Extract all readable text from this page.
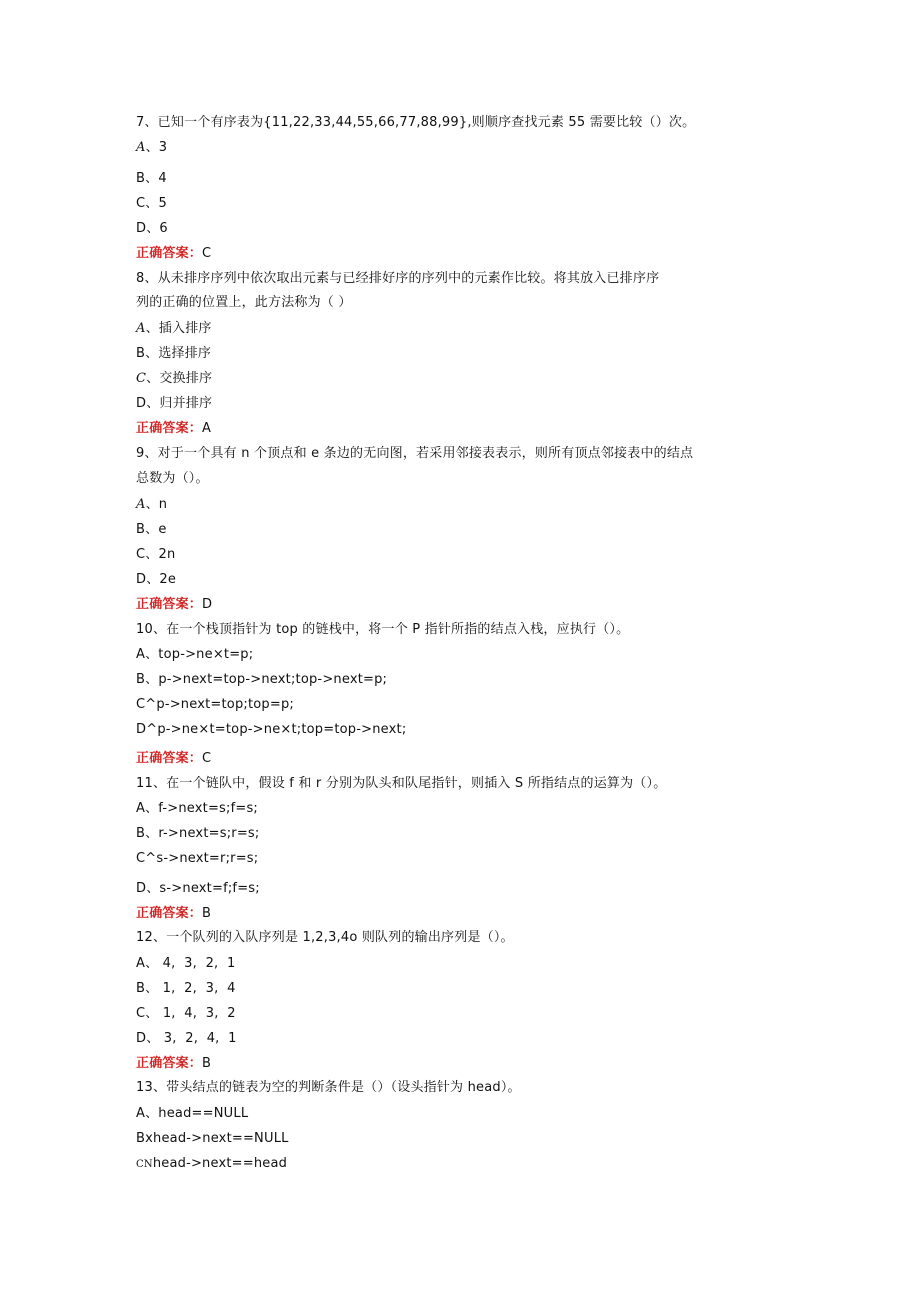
7、已知一个有序表为{11,22,33,44,55,66,77,88,99},则顺序查找元素 55 需要比较（）次。
A、3
B、4
C、5
D、6
正确答案：C
8、从未排序序列中依次取出元素与已经排好序的序列中的元素作比较。将其放入已排序序
列的正确的位置上，此方法称为（ ）
A、插入排序
B、选择排序
C、交换排序
D、归并排序
正确答案：A
9、对于一个具有 n 个顶点和 e 条边的无向图，若采用邻接表表示，则所有顶点邻接表中的结点
总数为（）。
A、n
B、e
C、2n
D、2e
正确答案：D
10、在一个栈顶指针为 top 的链栈中，将一个 P 指针所指的结点入栈，应执行（）。
A、top->ne×t=p;
B、p->next=top->next;top->next=p;
C^p->next=top;top=p;
D^p->ne×t=top->ne×t;top=top->next;
正确答案：C
11、在一个链队中，假设 f 和 r 分别为队头和队尾指针，则插入 S 所指结点的运算为（）。
A、f->next=s;f=s;
B、r->next=s;r=s;
C^s->next=r;r=s;
D、s->next=f;f=s;
正确答案：B
12、一个队列的入队序列是 1,2,3,4o 则队列的输出序列是（）。
A、 4,  3,  2,  1
B、 1,  2,  3,  4
C、 1,  4,  3,  2
D、 3,  2,  4,  1
正确答案：B
13、带头结点的链表为空的判断条件是（）（设头指针为 head）。
A、head==NULL
Bxhead->next==NULL
CNhead->next==head
